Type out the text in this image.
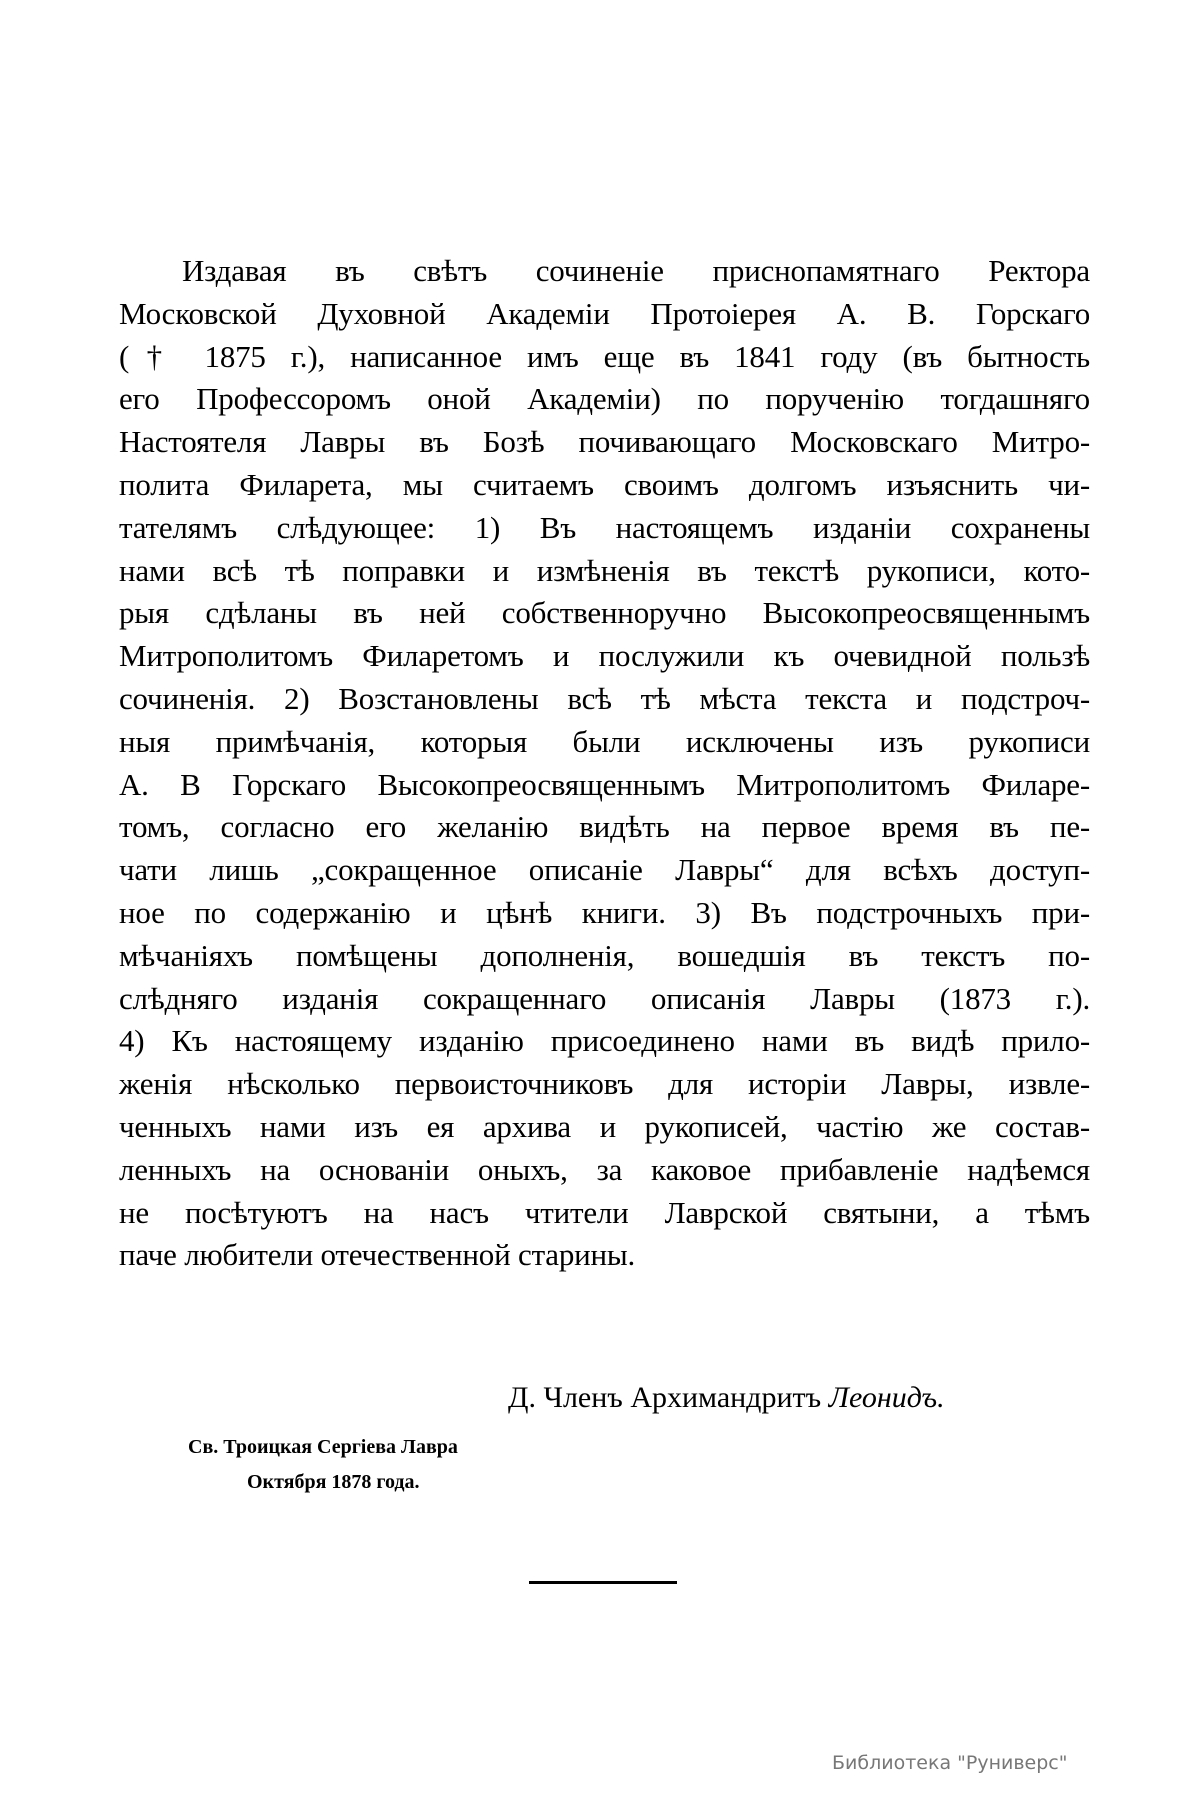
Издавая въ свѣтъ сочиненіе приснопамятнаго Ректора
Московской Духовной Академіи Протоіерея А. В. Горскаго
(† 1875 г.), написанное имъ еще въ 1841 году (въ бытность
его Профессоромъ оной Академіи) по порученію тогдашняго
Настоятеля Лавры въ Бозѣ почивающаго Московскаго Митро-
полита Филарета, мы считаемъ своимъ долгомъ изъяснить чи-
тателямъ слѣдующее: 1) Въ настоящемъ изданіи сохранены
нами всѣ тѣ поправки и измѣненія въ текстѣ рукописи, кото-
рыя сдѣланы въ ней собственноручно Высокопреосвященнымъ
Митрополитомъ Филаретомъ и послужили къ очевидной пользѣ
сочиненія. 2) Возстановлены всѣ тѣ мѣста текста и подстроч-
ныя примѣчанія, которыя были исключены изъ рукописи
А. В Горскаго Высокопреосвященнымъ Митрополитомъ Филаре-
томъ, согласно его желанію видѣть на первое время въ пе-
чати лишь „сокращенное описаніе Лавры“ для всѣхъ доступ-
ное по содержанію и цѣнѣ книги. 3) Въ подстрочныхъ при-
мѣчаніяхъ помѣщены дополненія, вошедшія въ текстъ по-
слѣдняго изданія сокращеннаго описанія Лавры (1873 г.).
4) Къ настоящему изданію присоединено нами въ видѣ прило-
женія нѣсколько первоисточниковъ для исторіи Лавры, извле-
ченныхъ нами изъ ея архива и рукописей, частію же состав-
ленныхъ на основаніи оныхъ, за каковое прибавленіе надѣемся
не посѣтуютъ на насъ чтители Лаврской святыни, а тѣмъ
паче любители отечественной старины.
Д. Членъ Архимандритъ Леонидъ.
Св. Троицкая Сергіева Лавра
Октября 1878 года.
Библиотека "Руниверс"
